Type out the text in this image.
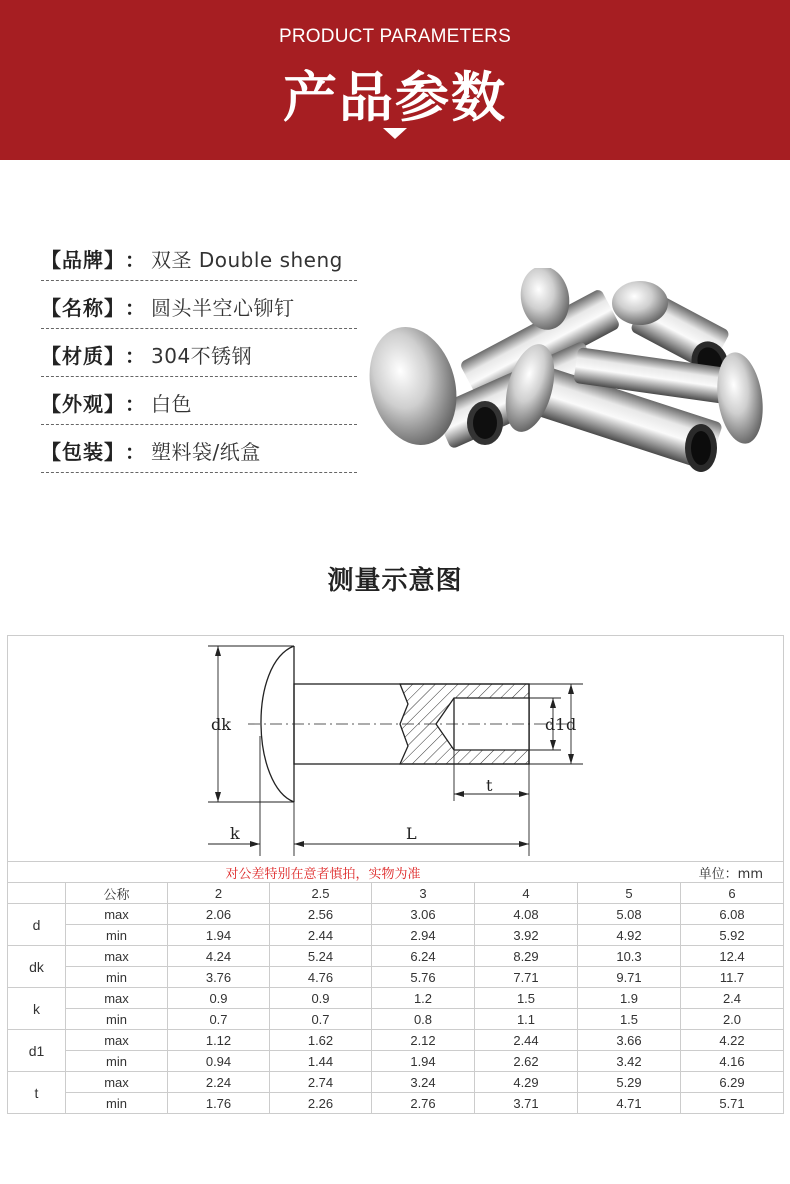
PRODUCT PARAMETERS
产品参数
【品牌】 ： 双圣 Double sheng
【名称】 ： 圆头半空心铆钉
【材质】 ： 304不锈钢
【外观】 ： 白色
【包装】 ： 塑料袋/纸盒
测量示意图
dk	d1 d
t
k	L
对公差特别在意者慎拍，实物为准	单位：mm
	公称	2	2.5	3	4	5	6
d	max	2.06	2.56	3.06	4.08	5.08	6.08
	min	1.94	2.44	2.94	3.92	4.92	5.92
dk	max	4.24	5.24	6.24	8.29	10.3	12.4
	min	3.76	4.76	5.76	7.71	9.71	11.7
k	max	0.9	0.9	1.2	1.5	1.9	2.4
	min	0.7	0.7	0.8	1.1	1.5	2.0
d1	max	1.12	1.62	2.12	2.44	3.66	4.22
	min	0.94	1.44	1.94	2.62	3.42	4.16
t	max	2.24	2.74	3.24	4.29	5.29	6.29
	min	1.76	2.26	2.76	3.71	4.71	5.71
